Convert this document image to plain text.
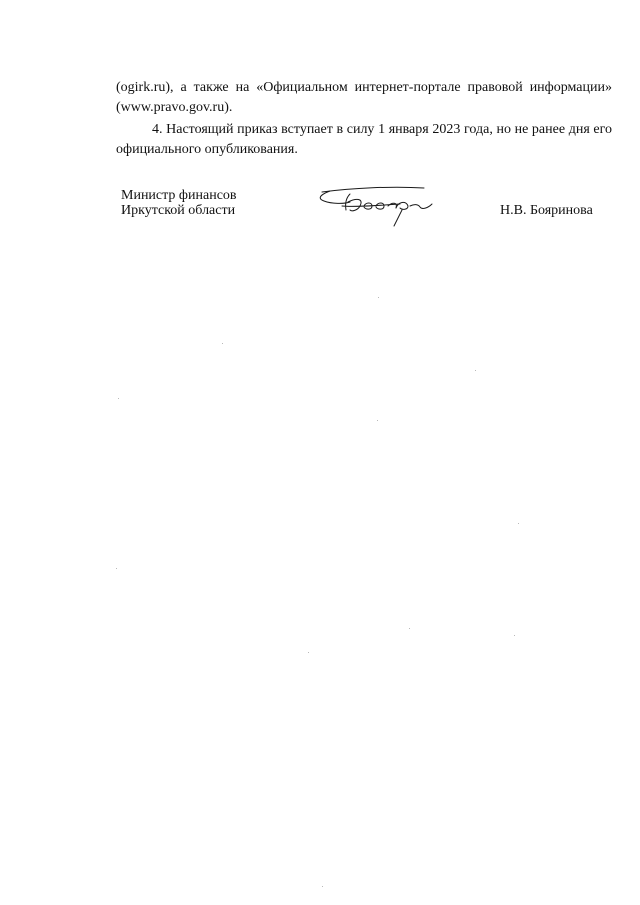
(ogirk.ru), а также на «Официальном интернет-портале правовой информации» (www.pravo.gov.ru).

4. Настоящий приказ вступает в силу 1 января 2023 года, но не ранее дня его официального опубликования.

Министр финансов
Иркутской области	Н.В. Бояринова
